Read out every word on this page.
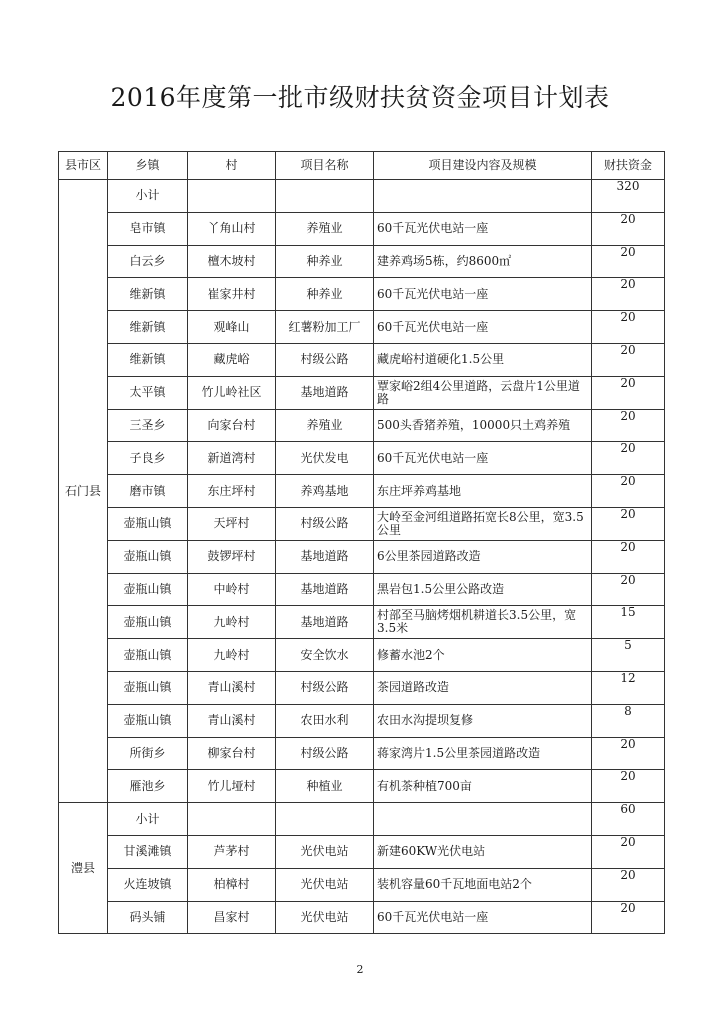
2016年度第一批市级财扶贫资金项目计划表
县市区	乡镇	村	项目名称	项目建设内容及规模	财扶资金
石门县	小计				320
	皂市镇	丫角山村	养殖业	60千瓦光伏电站一座	20
	白云乡	檀木坡村	种养业	建养鸡场5栋，约8600㎡	20
	维新镇	崔家井村	种养业	60千瓦光伏电站一座	20
	维新镇	观峰山	红薯粉加工厂	60千瓦光伏电站一座	20
	维新镇	藏虎峪	村级公路	藏虎峪村道硬化1.5公里	20
	太平镇	竹儿岭社区	基地道路	覃家峪2组4公里道路，云盘片1公里道路	20
	三圣乡	向家台村	养殖业	500头香猪养殖，10000只土鸡养殖	20
	子良乡	新道湾村	光伏发电	60千瓦光伏电站一座	20
	磨市镇	东庄坪村	养鸡基地	东庄坪养鸡基地	20
	壶瓶山镇	天坪村	村级公路	大岭至金河组道路拓宽长8公里，宽3.5公里	20
	壶瓶山镇	鼓锣坪村	基地道路	6公里茶园道路改造	20
	壶瓶山镇	中岭村	基地道路	黑岩包1.5公里公路改造	20
	壶瓶山镇	九岭村	基地道路	村部至马脑烤烟机耕道长3.5公里，宽3.5米	15
	壶瓶山镇	九岭村	安全饮水	修蓄水池2个	5
	壶瓶山镇	青山溪村	村级公路	茶园道路改造	12
	壶瓶山镇	青山溪村	农田水利	农田水沟提坝复修	8
	所街乡	柳家台村	村级公路	蒋家湾片1.5公里茶园道路改造	20
	雁池乡	竹儿垭村	种植业	有机茶种植700亩	20
澧县	小计				60
	甘溪滩镇	芦茅村	光伏电站	新建60KW光伏电站	20
	火连坡镇	柏樟村	光伏电站	装机容量60千瓦地面电站2个	20
	码头铺	昌家村	光伏电站	60千瓦光伏电站一座	20
2
